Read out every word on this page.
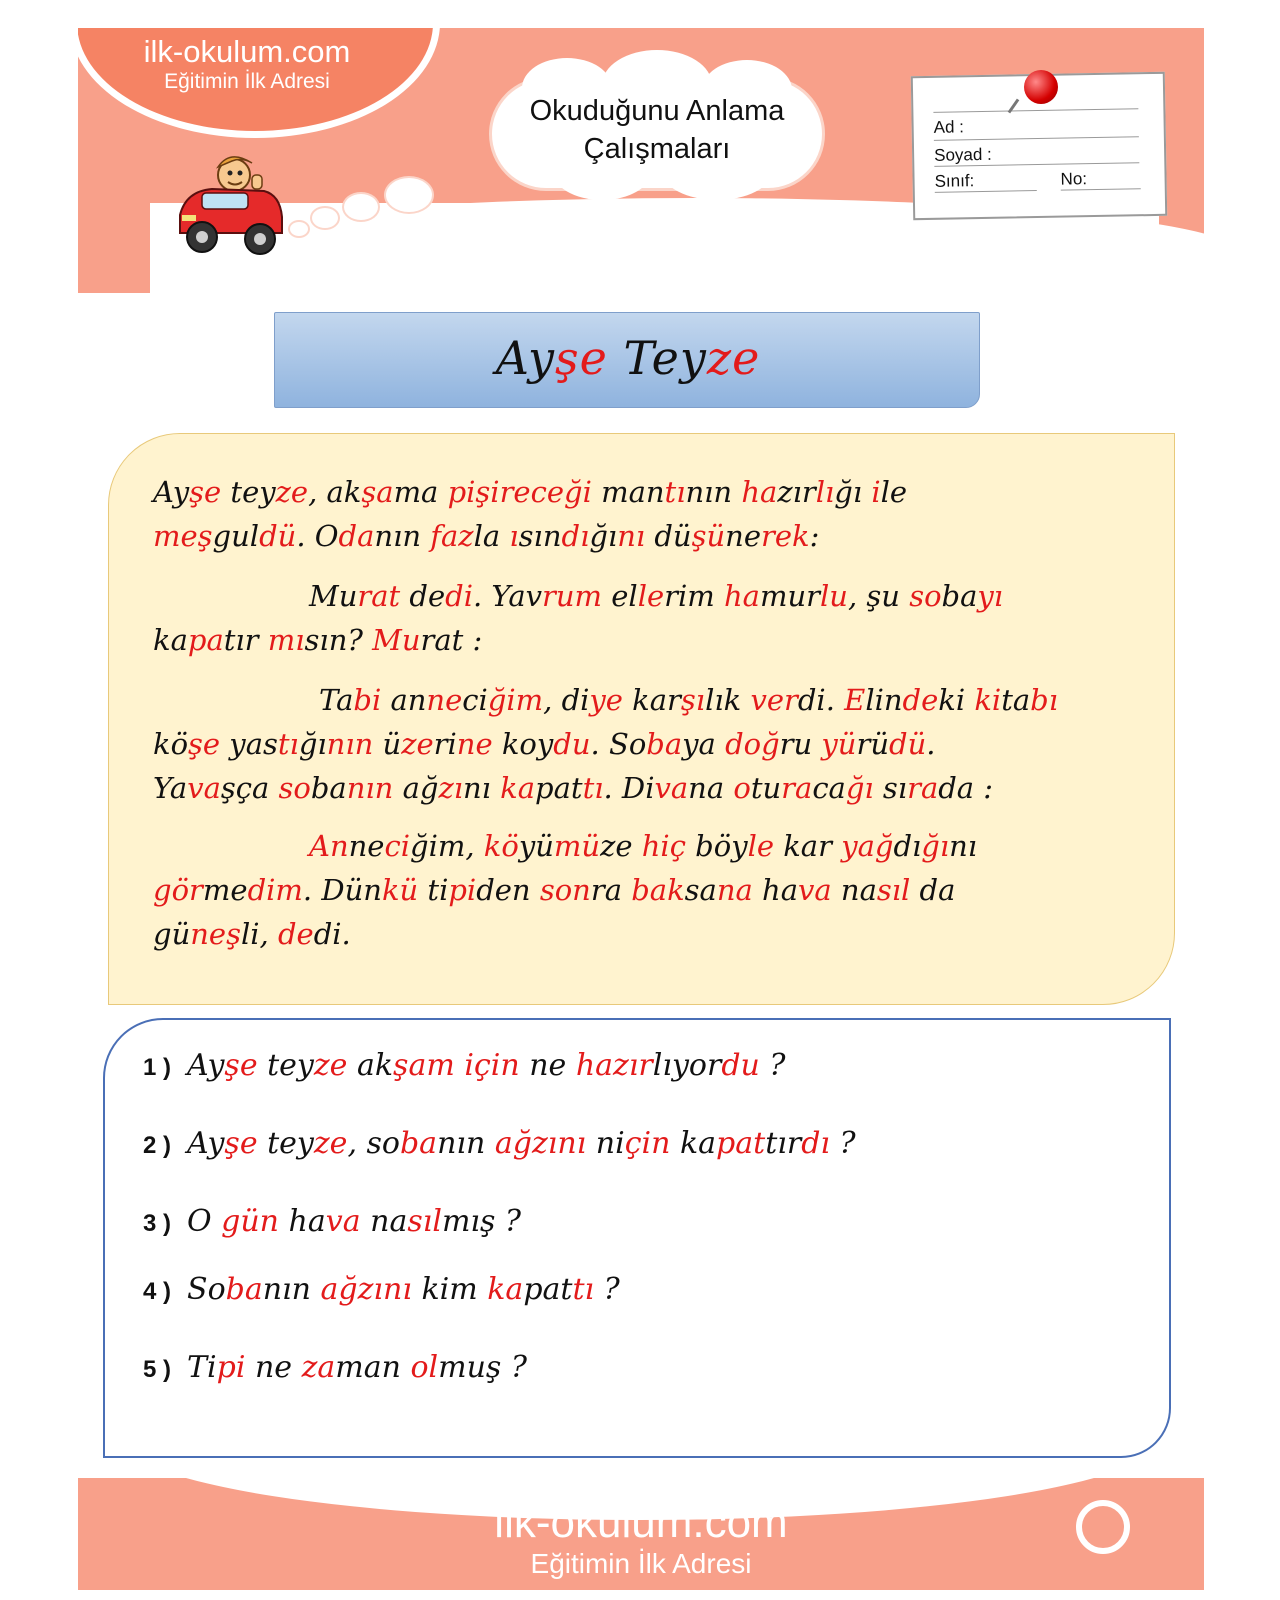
ilk-okulum.com
Eğitimin İlk Adresi
Okuduğunu Anlama
Çalışmaları
Ad :
Soyad :
Sınıf:	No:
Ayşe Teyze
Ayşe teyze, akşama pişireceği mantının hazırlığı ile
meşguldü. Odanın fazla ısındığını düşünerek:
Murat dedi. Yavrum ellerim hamurlu, şu sobayı
kapatır mısın? Murat :
Tabi anneciğim, diye karşılık verdi. Elindeki kitabı
köşe yastığının üzerine koydu. Sobaya doğru yürüdü.
Yavaşça sobanın ağzını kapattı. Divana oturacağı sırada :
Anneciğim, köyümüze hiç böyle kar yağdığını
görmedim. Dünkü tipiden sonra baksana hava nasıl da
güneşli, dedi.
1 ) Ayşe teyze akşam için ne hazırlıyordu ?
2 ) Ayşe teyze, sobanın ağzını niçin kapattırdı ?
3 ) O gün hava nasılmış ?
4 ) Sobanın ağzını kim kapattı ?
5 ) Tipi ne zaman olmuş ?
ilk-okulum.com
Eğitimin İlk Adresi
